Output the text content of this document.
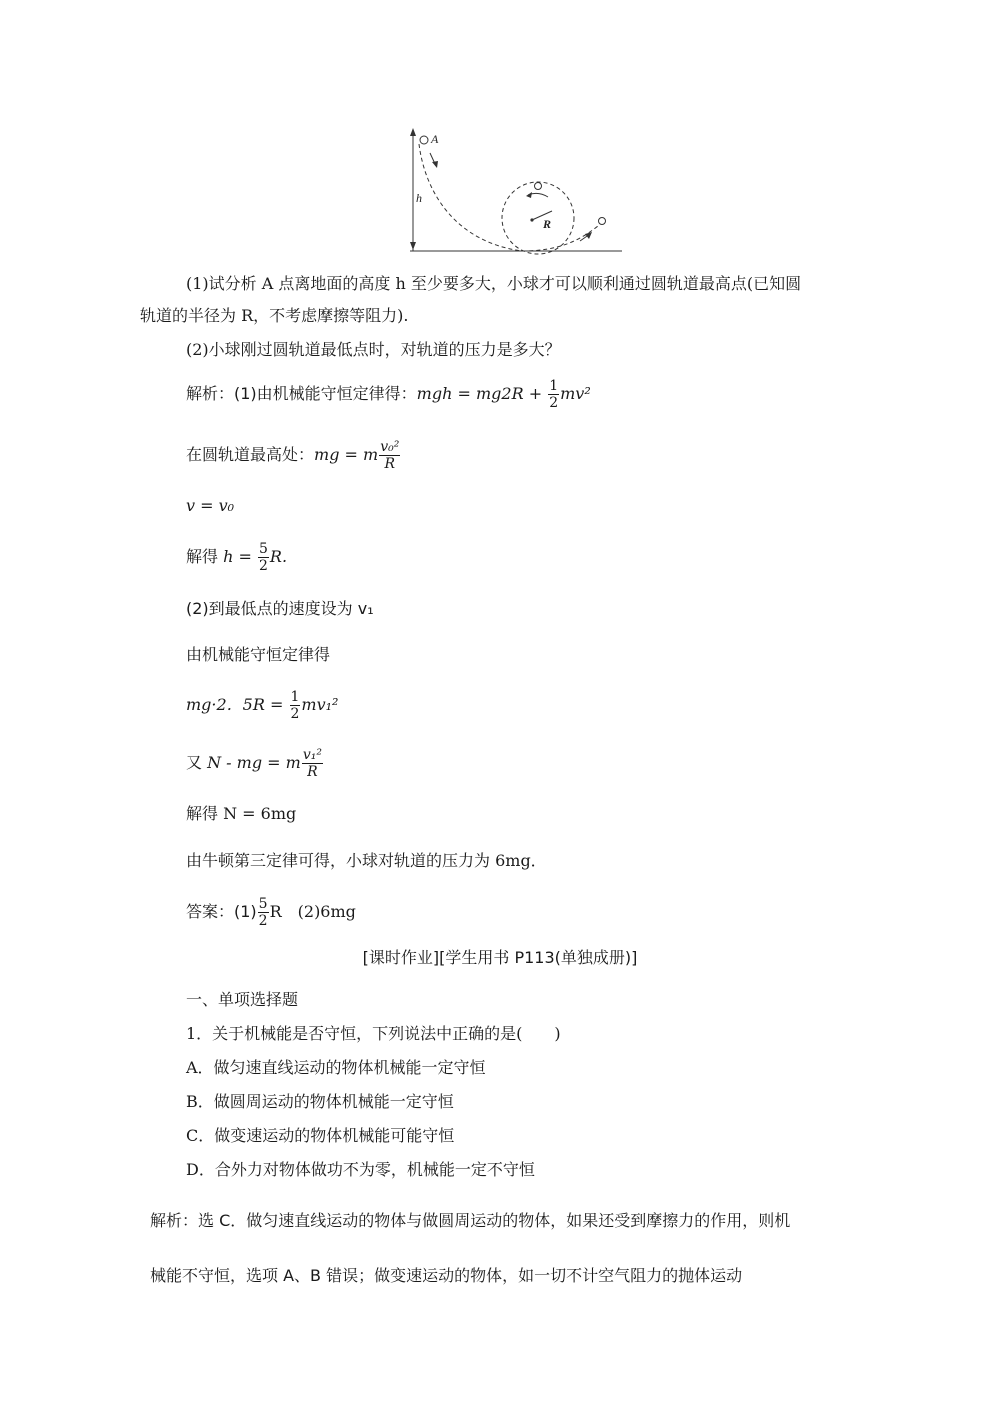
h
A
R
(1)试分析 A 点离地面的高度 h 至少要多大，小球才可以顺利通过圆轨道最高点(已知圆
轨道的半径为 R，不考虑摩擦等阻力).
(2)小球刚过圆轨道最低点时，对轨道的压力是多大？
解析：(1)由机械能守恒定律得：mgh = $mg2R + \frac{1}{2} mv^2$
在圆轨道最高处：mg = m $\frac{\text{v₀²}}{R}$
v = v₀
解得 $h = \frac{5}{2} R$.
(2)到最低点的速度设为 v₁
由机械能守恒定律得
mg·2．$5R = \frac{1}{2} mv_1^2$
又 N - mg = m $\frac{\text{v₁²}}{R}$
解得 N = 6mg
由牛顿第三定律可得，小球对轨道的压力为 6mg．
答案：$(1) \frac{5}{2}$ R　(2)6mg
[课时作业][学生用书 P113(单独成册)]
一、单项选择题
1．关于机械能是否守恒，下列说法中正确的是(　　)
A．做匀速直线运动的物体机械能一定守恒
B．做圆周运动的物体机械能一定守恒
C．做变速运动的物体机械能可能守恒
D．合外力对物体做功不为零，机械能一定不守恒
解析：选 C．做匀速直线运动的物体与做圆周运动的物体，如果还受到摩擦力的作用，则机
械能不守恒，选项 A、B 错误；做变速运动的物体，如一切不计空气阻力的抛体运动
